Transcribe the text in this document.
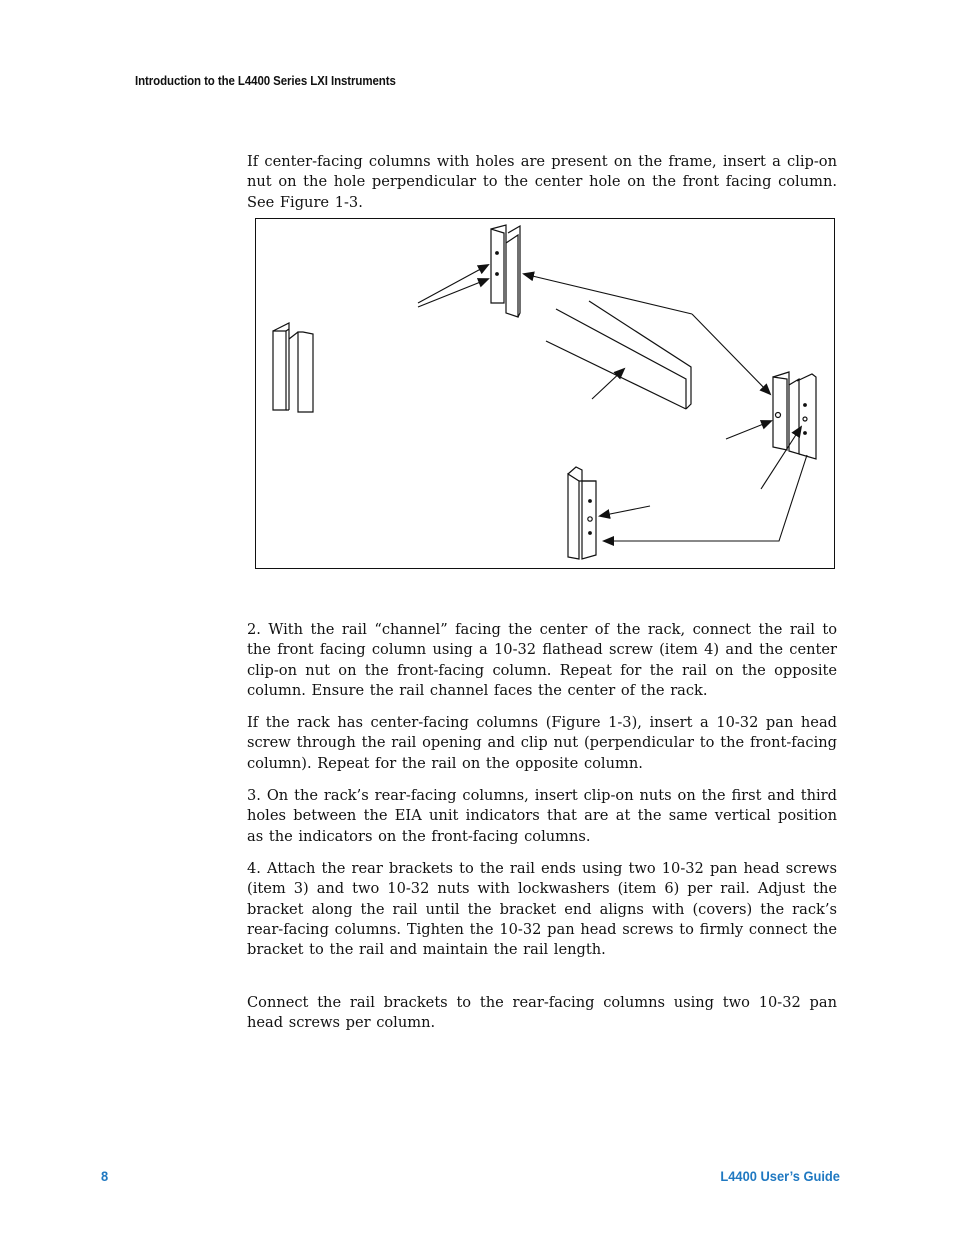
Introduction to the L4400 Series LXI Instruments

If center-facing columns with holes are present on the frame, insert a clip-on nut on the hole perpendicular to the center hole on the front facing column. See Figure 1-3.

2. With the rail “channel” facing the center of the rack, connect the rail to the front facing column using a 10-32 flathead screw (item 4) and the center clip-on nut on the front-facing column. Repeat for the rail on the opposite column. Ensure the rail channel faces the center of the rack.

If the rack has center-facing columns (Figure 1-3), insert a 10-32 pan head screw through the rail opening and clip nut (perpendicular to the front-facing column). Repeat for the rail on the opposite column.

3. On the rack’s rear-facing columns, insert clip-on nuts on the first and third holes between the EIA unit indicators that are at the same vertical position as the indicators on the front-facing columns.

4. Attach the rear brackets to the rail ends using two 10-32 pan head screws (item 3) and two 10-32 nuts with lockwashers (item 6) per rail. Adjust the bracket along the rail until the bracket end aligns with (covers) the rack’s rear-facing columns. Tighten the 10-32 pan head screws to firmly connect the bracket to the rail and maintain the rail length.

Connect the rail brackets to the rear-facing columns using two 10-32 pan head screws per column.

8	L4400 User’s Guide
